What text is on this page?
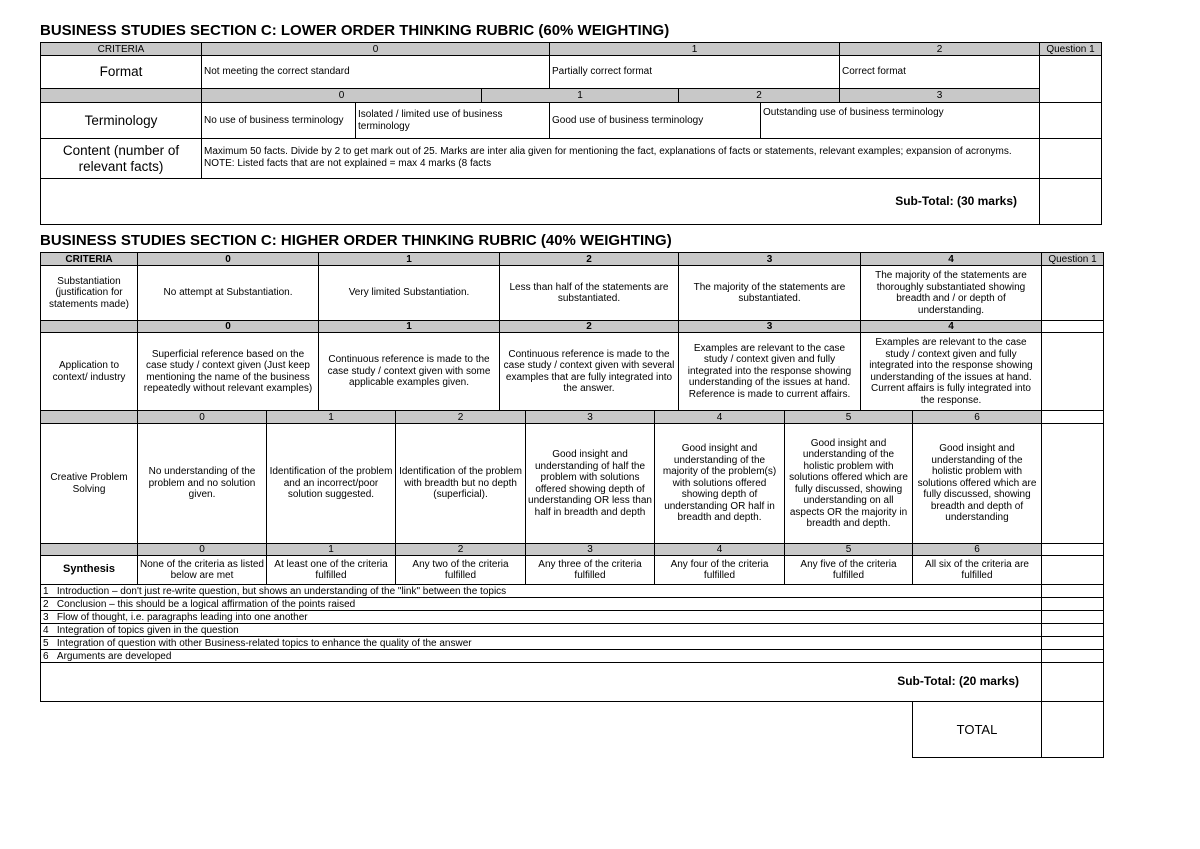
BUSINESS STUDIES SECTION C: LOWER ORDER THINKING RUBRIC (60% WEIGHTING)
CRITERIA	0			1			2	Question 1
Format	Not meeting the correct standard			Partially correct format			Correct format	
	0		1		2		3	
Terminology	No use of business terminology	Isolated / limited use of business terminology		Good use of business terminology		Outstanding use of business terminology		
Content (number of relevant facts)	Maximum 50 facts. Divide by 2 to get mark out of 25. Marks are inter alia given for mentioning the fact, explanations of facts or statements, relevant examples; expansion of acronyms. NOTE: Listed facts that are not explained = max 4 marks (8 facts							
Sub-Total: (30 marks)								
BUSINESS STUDIES SECTION C: HIGHER ORDER THINKING RUBRIC (40% WEIGHTING)
CRITERIA	0		1		2			3		4		Question 1
Substantiation (justification for statements made)	No attempt at Substantiation.		Very limited Substantiation.		Less than half of the statements are substantiated.			The majority of the statements are substantiated.		The majority of the statements are thoroughly substantiated showing breadth and / or depth of understanding.		
	0		1		2			3		4		
Application to context/ industry	Superficial reference based on the case study / context given (Just keep mentioning the name of the business repeatedly without relevant examples)		Continuous reference is made to the case study / context given with some applicable examples given.		Continuous reference is made to the case study / context given with several examples that are fully integrated into the answer.			Examples are relevant to the case study / context given and fully integrated into the response showing understanding of the issues at hand. Reference is made to current affairs.		Examples are relevant to the case study / context given and fully integrated into the response showing understanding of the issues at hand. Current affairs is fully integrated into the response.		
	0	1		2		3	4		5		6	
Creative Problem Solving	No understanding of the problem and no solution given.	Identification of the problem and an incorrect/poor solution suggested.		Identification of the problem with breadth but no depth (superficial).		Good insight and understanding of half the problem with solutions offered showing depth of understanding OR less than half in breadth and depth	Good insight and understanding of the majority of the problem(s) with solutions offered showing depth of understanding OR half in breadth and depth.		Good insight and understanding of the holistic problem with solutions offered which are fully discussed, showing understanding on all aspects OR the majority in breadth and depth.		Good insight and understanding of the holistic problem with solutions offered which are fully discussed, showing breadth and depth of understanding	
	0	1		2		3	4		5		6	
Synthesis	None of the criteria as listed below are met	At least one of the criteria fulfilled		Any two of the criteria fulfilled		Any three of the criteria fulfilled	Any four of the criteria fulfilled		Any five of the criteria fulfilled		All six of the criteria are fulfilled	
1 Introduction – don't just re-write question, but shows an understanding of the "link" between the topics												
2 Conclusion – this should be a logical affirmation of the points raised												
3 Flow of thought, i.e. paragraphs leading into one another												
4 Integration of topics given in the question												
5 Integration of question with other Business-related topics to enhance the quality of the answer												
6 Arguments are developed												
Sub-Total: (20 marks)												
											TOTAL	
